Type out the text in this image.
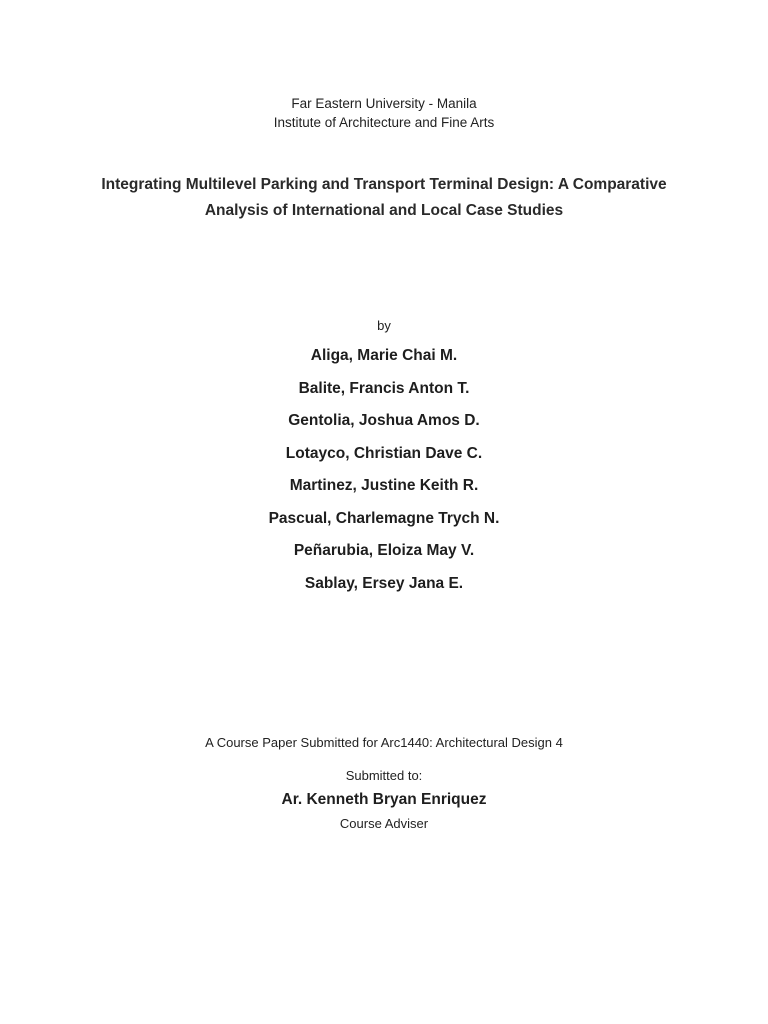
Far Eastern University - Manila
Institute of Architecture and Fine Arts
Integrating Multilevel Parking and Transport Terminal Design: A Comparative
Analysis of International and Local Case Studies
by
Aliga, Marie Chai M.
Balite, Francis Anton T.
Gentolia, Joshua Amos D.
Lotayco, Christian Dave C.
Martinez, Justine Keith R.
Pascual, Charlemagne Trych N.
Peñarubia, Eloiza May V.
Sablay, Ersey Jana E.
A Course Paper Submitted for Arc1440: Architectural Design 4
Submitted to:
Ar. Kenneth Bryan Enriquez
Course Adviser
